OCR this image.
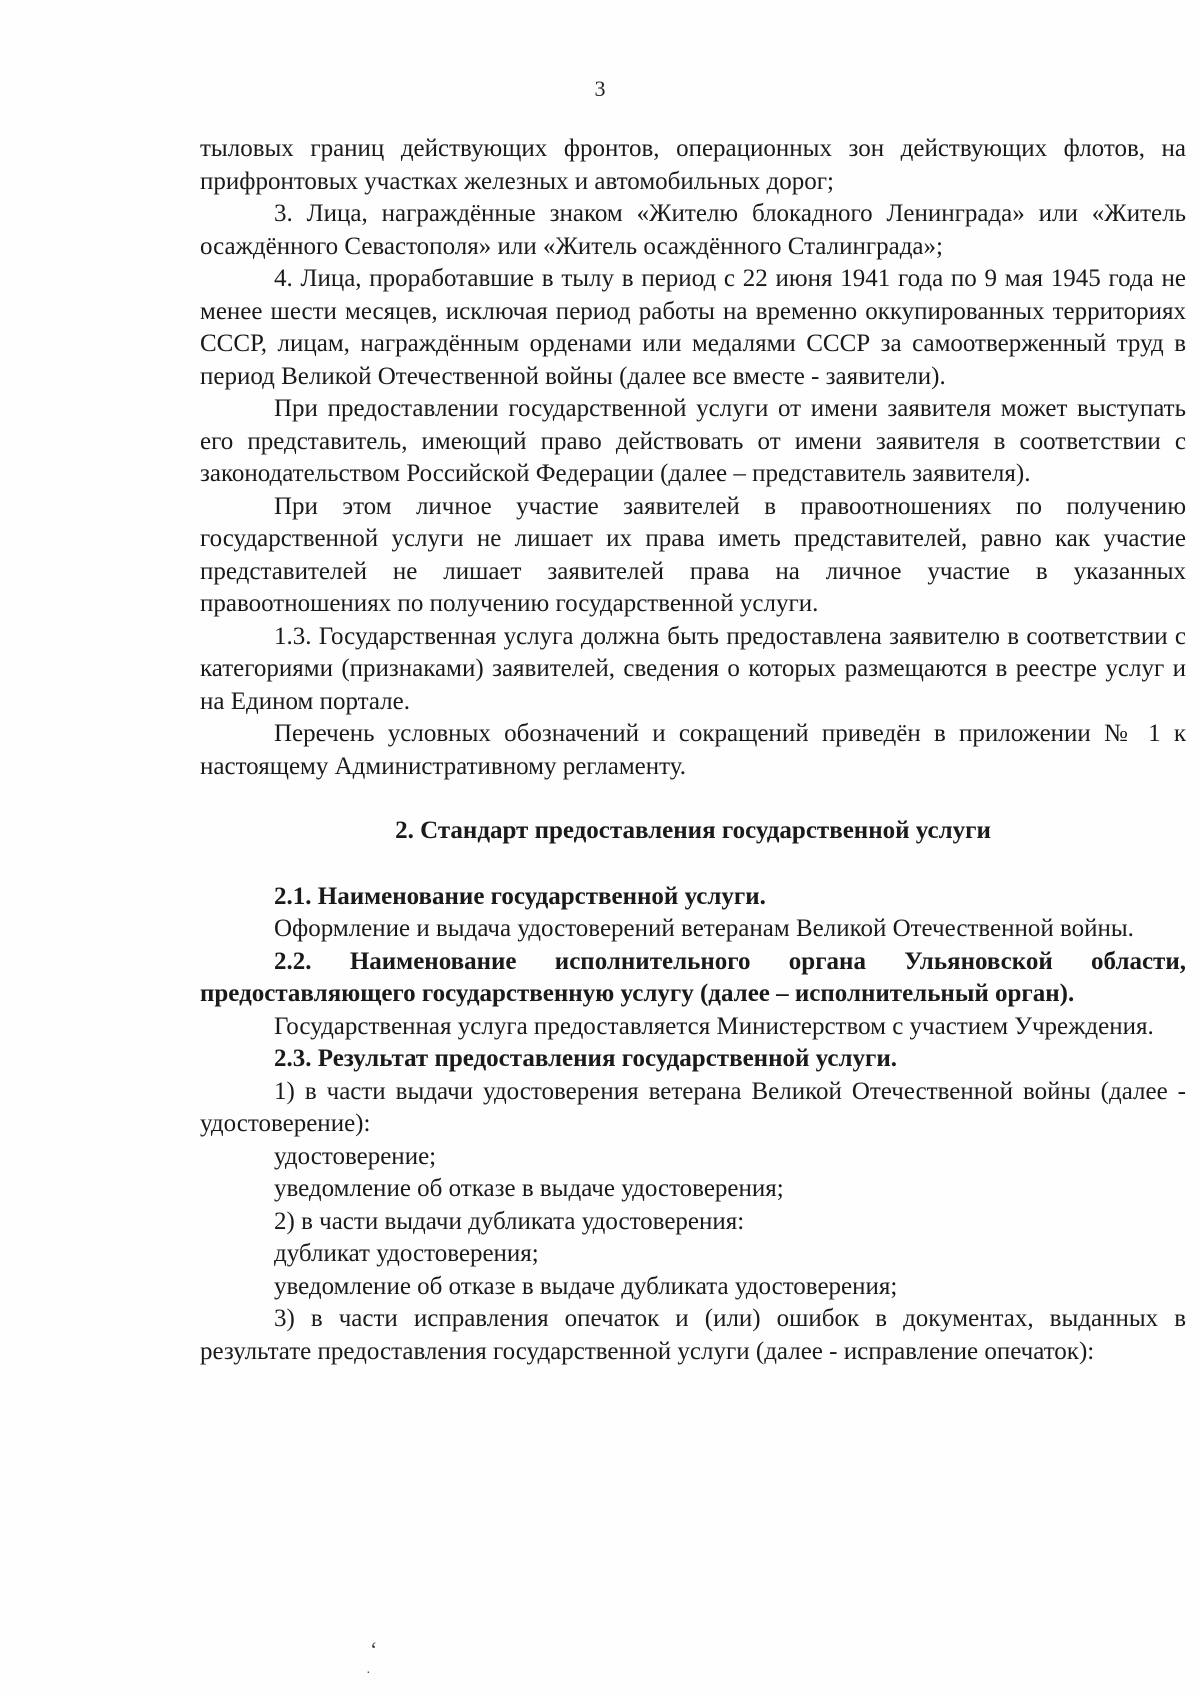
3

тыловых границ действующих фронтов, операционных зон действующих флотов, на прифронтовых участках железных и автомобильных дорог;

3. Лица, награждённые знаком «Жителю блокадного Ленинграда» или «Житель осаждённого Севастополя» или «Житель осаждённого Сталинграда»;

4. Лица, проработавшие в тылу в период с 22 июня 1941 года по 9 мая 1945 года не менее шести месяцев, исключая период работы на временно оккупированных территориях СССР, лицам, награждённым орденами или медалями СССР за самоотверженный труд в период Великой Отечественной войны (далее все вместе - заявители).

При предоставлении государственной услуги от имени заявителя может выступать его представитель, имеющий право действовать от имени заявителя в соответствии с законодательством Российской Федерации (далее – представитель заявителя).

При этом личное участие заявителей в правоотношениях по получению государственной услуги не лишает их права иметь представителей, равно как участие представителей не лишает заявителей права на личное участие в указанных правоотношениях по получению государственной услуги.

1.3. Государственная услуга должна быть предоставлена заявителю в соответствии с категориями (признаками) заявителей, сведения о которых размещаются в реестре услуг и на Едином портале.

Перечень условных обозначений и сокращений приведён в приложении № 1 к настоящему Административному регламенту.

2. Стандарт предоставления государственной услуги

2.1. Наименование государственной услуги.

Оформление и выдача удостоверений ветеранам Великой Отечественной войны.

2.2. Наименование исполнительного органа Ульяновской области, предоставляющего государственную услугу (далее – исполнительный орган).

Государственная услуга предоставляется Министерством с участием Учреждения.

2.3. Результат предоставления государственной услуги.

1) в части выдачи удостоверения ветерана Великой Отечественной войны (далее - удостоверение):

удостоверение;

уведомление об отказе в выдаче удостоверения;

2) в части выдачи дубликата удостоверения:

дубликат удостоверения;

уведомление об отказе в выдаче дубликата удостоверения;

3) в части исправления опечаток и (или) ошибок в документах, выданных в результате предоставления государственной услуги (далее - исправление опечаток):

ʻ
·
